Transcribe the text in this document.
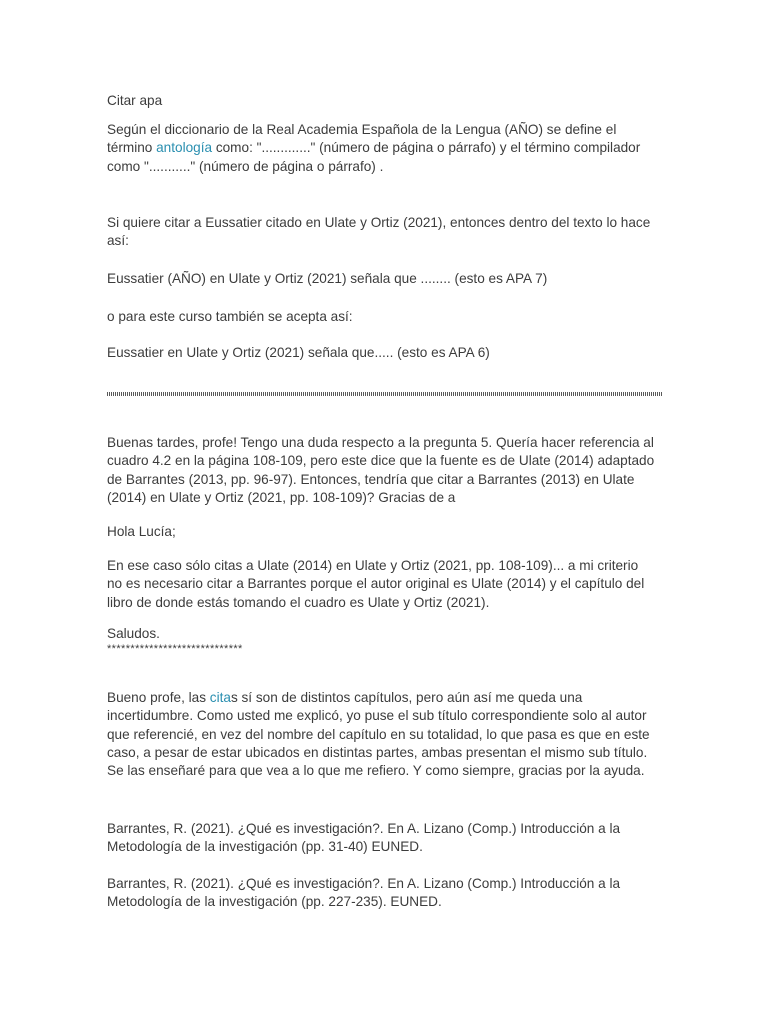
Citar apa

Según el diccionario de la Real Academia Española de la Lengua (AÑO) se define el término antología como: "............." (número de página o párrafo) y el término compilador como "..........." (número de página o párrafo) .

Si quiere citar a Eussatier citado en Ulate y Ortiz (2021), entonces dentro del texto lo hace así:

Eussatier (AÑO) en Ulate y Ortiz (2021) señala que ........ (esto es APA 7)

o para este curso también se acepta así:

Eussatier en Ulate y Ortiz (2021) señala que..... (esto es APA 6)

Buenas tardes, profe! Tengo una duda respecto a la pregunta 5. Quería hacer referencia al cuadro 4.2 en la página 108-109, pero este dice que la fuente es de Ulate (2014) adaptado de Barrantes (2013, pp. 96-97). Entonces, tendría que citar a Barrantes (2013) en Ulate (2014) en Ulate y Ortiz (2021, pp. 108-109)? Gracias de a

Hola Lucía;

En ese caso sólo citas a Ulate (2014) en Ulate y Ortiz (2021, pp. 108-109)... a mi criterio no es necesario citar a Barrantes porque el autor original es Ulate (2014) y el capítulo del libro de donde estás tomando el cuadro es Ulate y Ortiz (2021).

Saludos.

*****************************

Bueno profe, las citas sí son de distintos capítulos, pero aún así me queda una incertidumbre. Como usted me explicó, yo puse el sub título correspondiente solo al autor que referencié, en vez del nombre del capítulo en su totalidad, lo que pasa es que en este caso, a pesar de estar ubicados en distintas partes, ambas presentan el mismo sub título. Se las enseñaré para que vea a lo que me refiero. Y como siempre, gracias por la ayuda.

Barrantes, R. (2021). ¿Qué es investigación?. En A. Lizano (Comp.) Introducción a la Metodología de la investigación (pp. 31-40) EUNED.

Barrantes, R. (2021). ¿Qué es investigación?. En A. Lizano (Comp.) Introducción a la Metodología de la investigación (pp. 227-235). EUNED.
